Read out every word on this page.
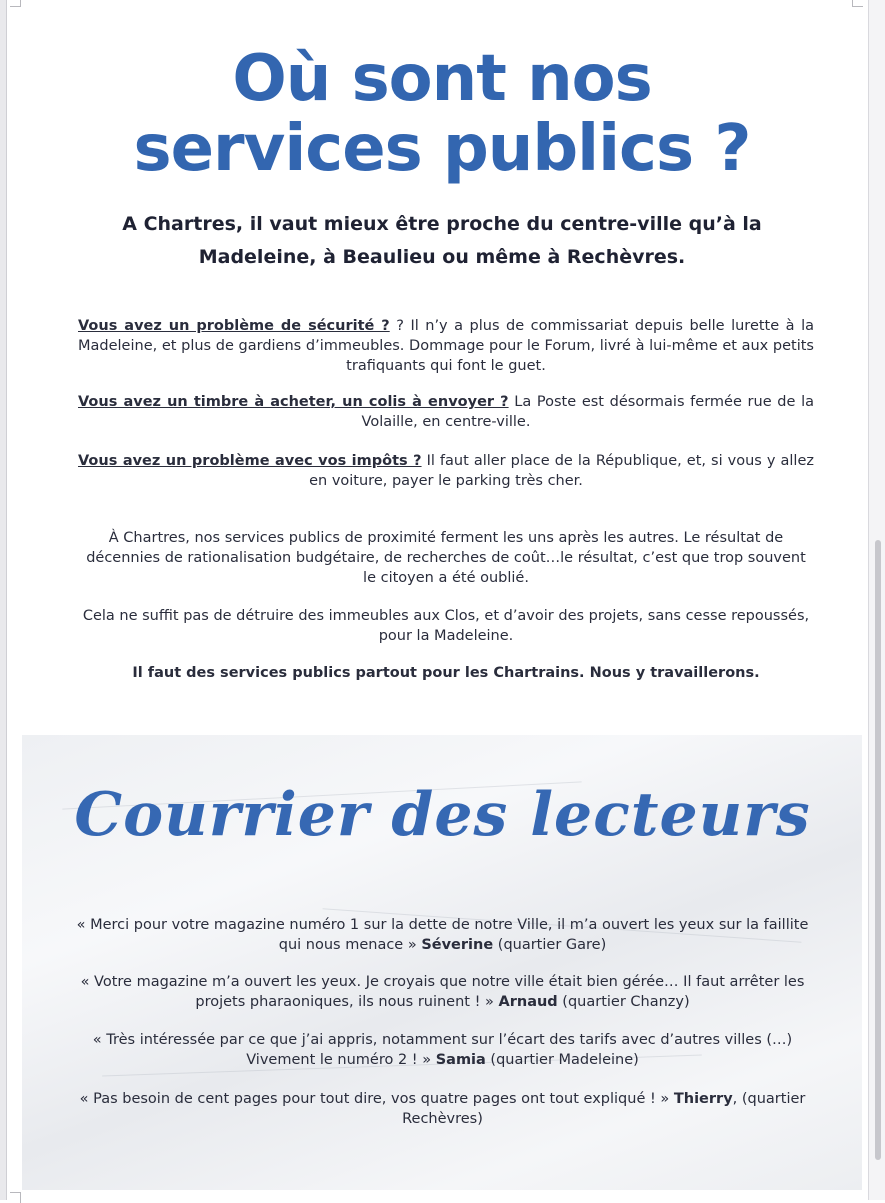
Où sont nos
services publics ?

A Chartres, il vaut mieux être proche du centre-ville qu’à la Madeleine, à Beaulieu ou même à Rechèvres.

Vous avez un problème de sécurité ? ? Il n’y a plus de commissariat depuis belle lurette à la Madeleine, et plus de gardiens d’immeubles. Dommage pour le Forum, livré à lui-même et aux petits trafiquants qui font le guet.

Vous avez un timbre à acheter, un colis à envoyer ? La Poste est désormais fermée rue de la Volaille, en centre-ville.

Vous avez un problème avec vos impôts ? Il faut aller place de la République, et, si vous y allez en voiture, payer le parking très cher.

À Chartres, nos services publics de proximité ferment les uns après les autres. Le résultat de décennies de rationalisation budgétaire, de recherches de coût…le résultat, c’est que trop souvent le citoyen a été oublié.

Cela ne suffit pas de détruire des immeubles aux Clos, et d’avoir des projets, sans cesse repoussés, pour la Madeleine.

Il faut des services publics partout pour les Chartrains. Nous y travaillerons.

Courrier des lecteurs

« Merci pour votre magazine numéro 1 sur la dette de notre Ville, il m’a ouvert les yeux sur la faillite qui nous menace » Séverine (quartier Gare)

« Votre magazine m’a ouvert les yeux. Je croyais que notre ville était bien gérée… Il faut arrêter les projets pharaoniques, ils nous ruinent ! » Arnaud (quartier Chanzy)

« Très intéressée par ce que j’ai appris, notamment sur l’écart des tarifs avec d’autres villes (…) Vivement le numéro 2 ! » Samia (quartier Madeleine)

« Pas besoin de cent pages pour tout dire, vos quatre pages ont tout expliqué ! » Thierry, (quartier Rechèvres)
